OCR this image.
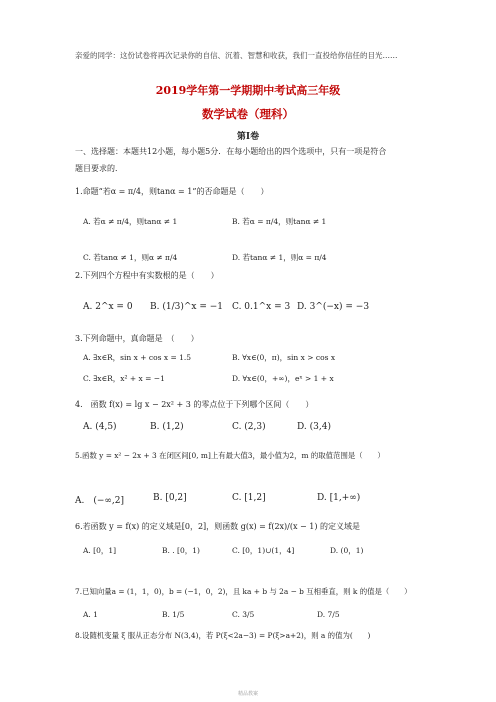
亲爱的同学：这份试卷将再次记录你的自信、沉着、智慧和收获，我们一直投给你信任的目光……
2019学年第一学期期中考试高三年级
数学试卷（理科）
第Ⅰ卷
一、选择题：本题共12小题，每小题5分．在每小题给出的四个选项中，只有一项是符合
题目要求的．
1.命题“若α = π/4，则tanα = 1”的否命题是（　　）
A. 若α ≠ π/4，则tanα ≠ 1	B. 若α = π/4，则tanα ≠ 1
C. 若tanα ≠ 1，则α ≠ π/4	D. 若tanα ≠ 1，则α = π/4
2.下列四个方程中有实数根的是（　　）
A. 2^x = 0 B. (1/3)^x = −1 C. 0.1^x = 3 D. 3^(−x) = −3
3.下列命题中，真命题是　（　　）
A. ∃x∈R，sin x + cos x = 1.5	B. ∀x∈(0，π)，sin x > cos x
C. ∃x∈R，x² + x = −1	D. ∀x∈(0，+∞)，eˣ > 1 + x
4.　函数 f(x) = lg x − 2x² + 3 的零点位于下列哪个区间（　　）
A. (4,5)	B. (1,2)	C. (2,3)	D. (3,4)
5.函数 y = x² − 2x + 3 在闭区间[0, m]上有最大值3，最小值为2，m 的取值范围是（　　）
A.　(−∞,2]	B. [0,2]	C. [1,2]	D. [1,+∞)
6.若函数 y = f(x) 的定义域是[0，2]，则函数 g(x) = f(2x)/(x − 1) 的定义域是
A. [0，1]	B. . [0，1)	C. [0，1)∪(1，4]	D. (0，1)
7.已知向量a = (1，1，0)，b = (−1，0，2)，且 ka + b 与 2a − b 互相垂直，则 k 的值是（　　）
A. 1	B. 1/5	C. 3/5	D. 7/5
8.设随机变量 ξ 服从正态分布 N(3,4)，若 P(ξ<2a−3) = P(ξ>a+2)，则 a 的值为(　　)
精品教案
